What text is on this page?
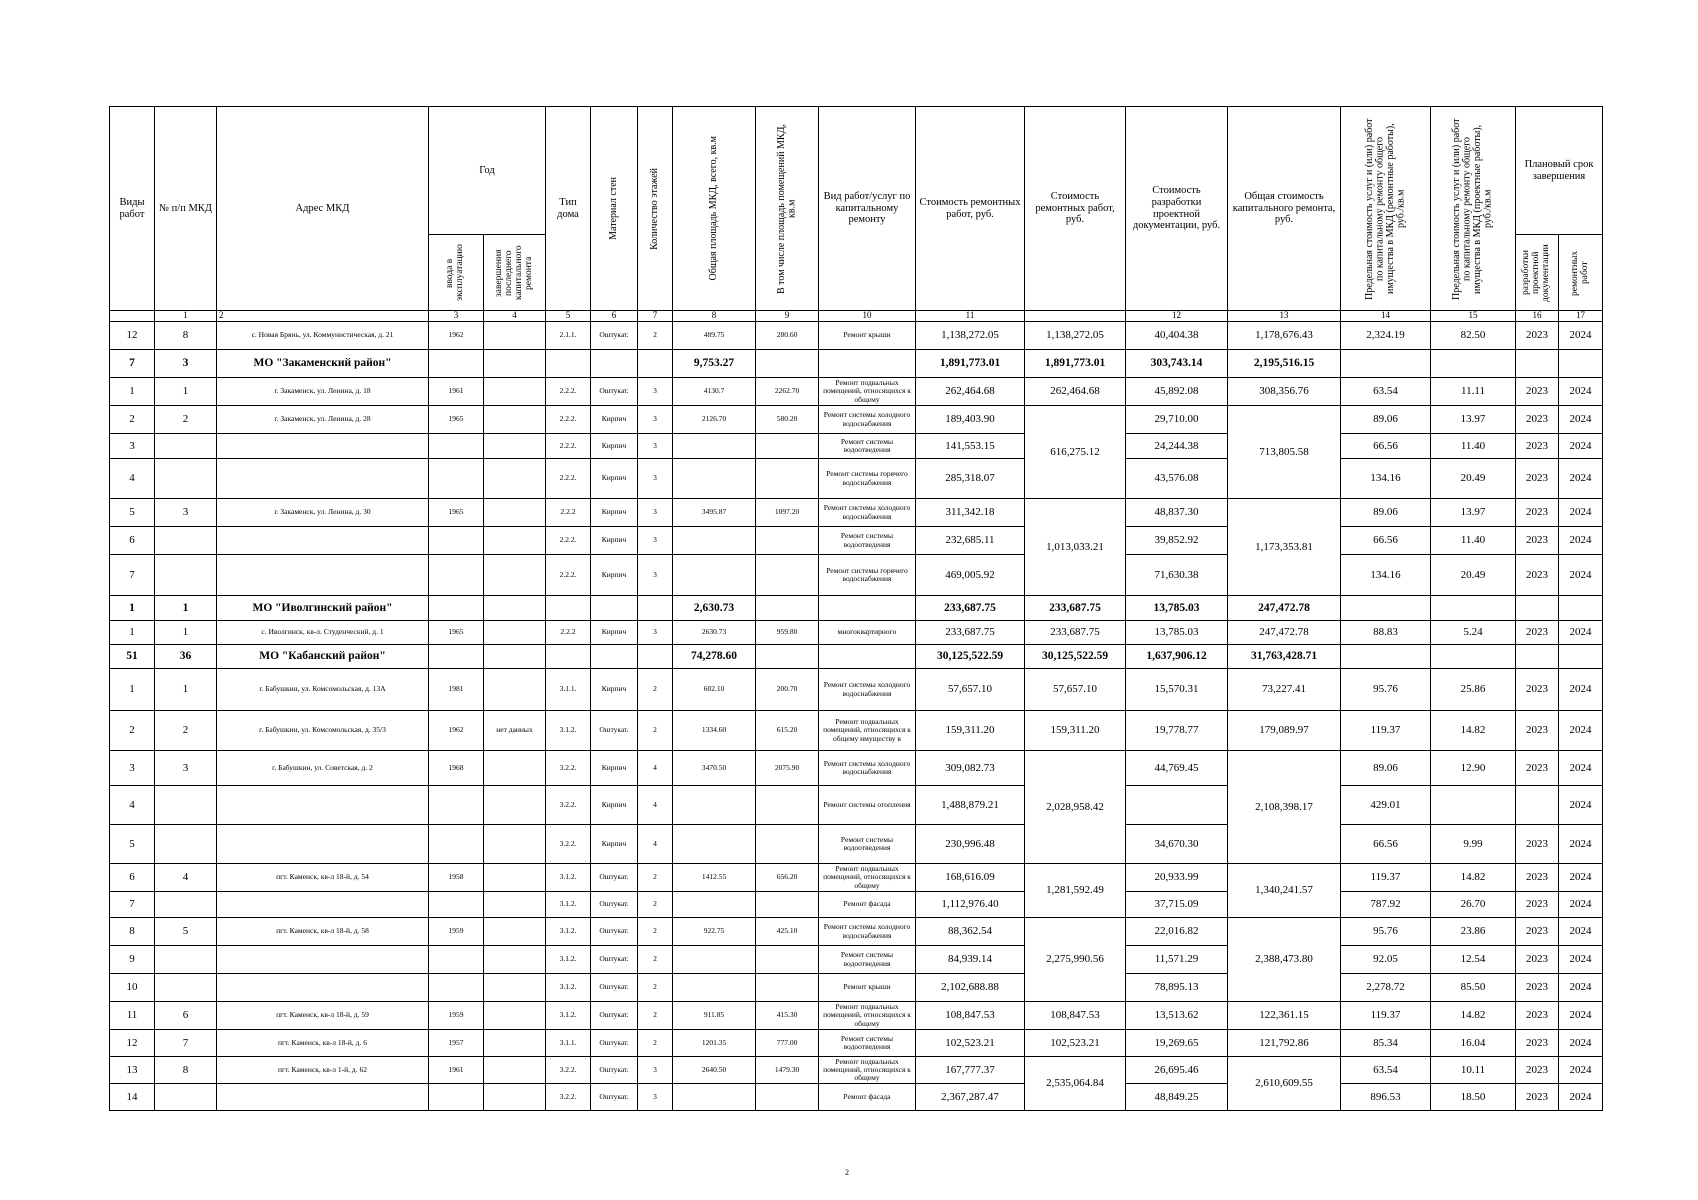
Виды работ	№ п/п МКД	Адрес МКД	Год		Тип дома	Материал стен	Количество этажей	Общая площадь МКД, всего, кв.м	В том числе площадь помещений МКД, кв.м	Вид работ/услуг по капитальному ремонту	Стоимость ремонтных работ, руб.	Стоимость ремонтных работ, руб.	Стоимость разработки проектной документации, руб.	Общая стоимость капитального ремонта, руб.	Предельная стоимость услуг и (или) работ по капитальному ремонту общего имущества в МКД (ремонтные работы), руб./кв.м	Предельная стоимость услуг и (или) работ по капитальному ремонту общего имущества в МКД (проектные работы), руб./кв.м	Плановый срок завершения	

			ввода в эксплуатацию	завершения последнего капитального ремонта													разработки проектной документации	ремонтных работ

	1	2	3	4	5	6	7	8	9	10	11		12	13	14	15	16	17
12	8	с. Новая Брянь, ул. Коммунистическая, д. 21	1962		2.1.1.	Оштукат.	2	489.75	280.60	Ремонт крыши	1,138,272.05	1,138,272.05	40,404.38	1,178,676.43	2,324.19	82.50	2023	2024
7	3	МО "Закаменский район"						9,753.27			1,891,773.01	1,891,773.01	303,743.14	2,195,516.15				
1	1	г. Закаменск, ул. Ленина, д. 18	1961		2.2.2.	Оштукат.	3	4130.7	2262.70	Ремонт подвальных помещений, относящихся к общему	262,464.68	262,464.68	45,892.08	308,356.76	63.54	11.11	2023	2024
2	2	г. Закаменск, ул. Ленина, д. 28	1965		2.2.2.	Кирпич	3	2126.70	580.20	Ремонт системы холодного водоснабжения	189,403.90	616,275.12	29,710.00	713,805.58	89.06	13.97	2023	2024
3					2.2.2.	Кирпич	3			Ремонт системы водоотведения	141,553.15		24,244.38		66.56	11.40	2023	2024
4					2.2.2.	Кирпич	3			Ремонт системы горячего водоснабжения	285,318.07		43,576.08		134.16	20.49	2023	2024
5	3	г. Закаменск, ул. Ленина, д. 30	1965		2.2.2	Кирпич	3	3495.87	1097.20	Ремонт системы холодного водоснабжения	311,342.18	1,013,033.21	48,837.30	1,173,353.81	89.06	13.97	2023	2024
6					2.2.2.	Кирпич	3			Ремонт системы водоотведения	232,685.11		39,852.92		66.56	11.40	2023	2024
7					2.2.2.	Кирпич	3			Ремонт системы горячего водоснабжения	469,005.92		71,630.38		134.16	20.49	2023	2024
1	1	МО "Иволгинский район"						2,630.73			233,687.75	233,687.75	13,785.03	247,472.78				
1	1	с. Иволгинск, кв-л. Студенческий, д. 1	1965		2.2.2	Кирпич	3	2630.73	959.80	многоквартирного	233,687.75	233,687.75	13,785.03	247,472.78	88.83	5.24	2023	2024
51	36	МО "Кабанский район"						74,278.60			30,125,522.59	30,125,522.59	1,637,906.12	31,763,428.71				
1	1	г. Бабушкин, ул. Комсомольская, д. 13А	1981		3.1.1.	Кирпич	2	602.10	200.70	Ремонт системы холодного водоснабжения	57,657.10	57,657.10	15,570.31	73,227.41	95.76	25.86	2023	2024
2	2	г. Бабушкин, ул. Комсомольская, д. 35/3	1962	нет данных	3.1.2.	Оштукат.	2	1334.60	615.20	Ремонт подвальных помещений, относящихся к общему имуществу в	159,311.20	159,311.20	19,778.77	179,089.97	119.37	14.82	2023	2024
3	3	г. Бабушкин, ул. Советская, д. 2	1968		3.2.2.	Кирпич	4	3470.50	2075.90	Ремонт системы холодного водоснабжения	309,082.73	2,028,958.42	44,769.45	2,108,398.17	89.06	12.90	2023	2024
4					3.2.2.	Кирпич	4			Ремонт системы отопления	1,488,879.21				429.01			2024
5					3.2.2.	Кирпич	4			Ремонт системы водоотведения	230,996.48		34,670.30		66.56	9.99	2023	2024
6	4	пгт. Каменск, кв-л 18-й, д. 54	1958		3.1.2.	Оштукат.	2	1412.55	656.20	Ремонт подвальных помещений, относящихся к общему	168,616.09	1,281,592.49	20,933.99	1,340,241.57	119.37	14.82	2023	2024
7					3.1.2.	Оштукат.	2			Ремонт фасада	1,112,976.40		37,715.09		787.92	26.70	2023	2024
8	5	пгт. Каменск, кв-л 18-й, д. 58	1959		3.1.2.	Оштукат.	2	922.75	425.10	Ремонт системы холодного водоснабжения	88,362.54	2,275,990.56	22,016.82	2,388,473.80	95.76	23.86	2023	2024
9					3.1.2.	Оштукат.	2			Ремонт системы водоотведения	84,939.14		11,571.29		92.05	12.54	2023	2024
10					3.1.2.	Оштукат.	2			Ремонт крыши	2,102,688.88		78,895.13		2,278.72	85.50	2023	2024
11	6	пгт. Каменск, кв-л 18-й, д. 59	1959		3.1.2.	Оштукат.	2	911.85	415.30	Ремонт подвальных помещений, относящихся к общему	108,847.53	108,847.53	13,513.62	122,361.15	119.37	14.82	2023	2024
12	7	пгт. Каменск, кв-л 18-й, д. 6	1957		3.1.1.	Оштукат.	2	1201.35	777.00	Ремонт системы водоотведения	102,523.21	102,523.21	19,269.65	121,792.86	85.34	16.04	2023	2024
13	8	пгт. Каменск, кв-л 1-й, д. 62	1961		3.2.2.	Оштукат.	3	2640.50	1479.30	Ремонт подвальных помещений, относящихся к общему	167,777.37	2,535,064.84	26,695.46	2,610,609.55	63.54	10.11	2023	2024
14					3.2.2.	Оштукат.	3			Ремонт фасада	2,367,287.47		48,849.25		896.53	18.50	2023	2024
2
